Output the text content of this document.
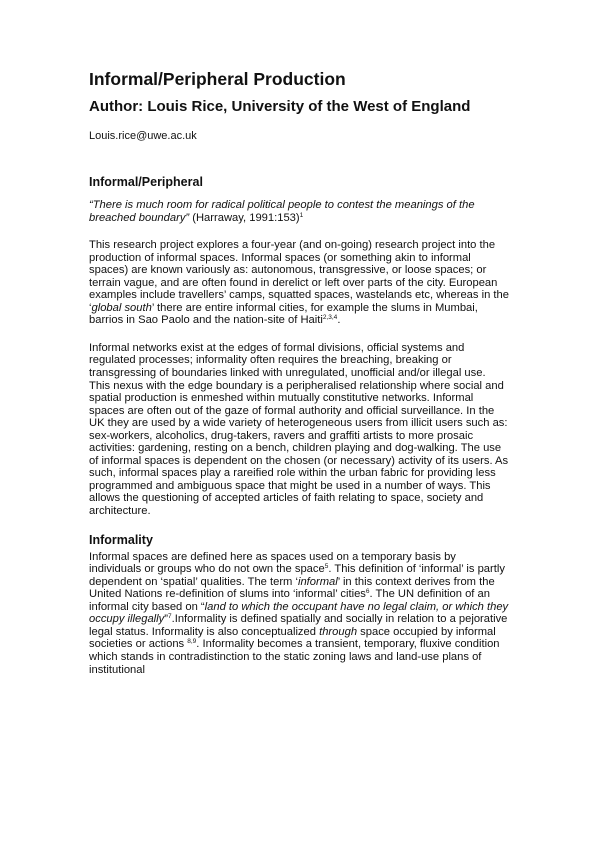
Informal/Peripheral Production
Author: Louis Rice, University of the West of England

Louis.rice@uwe.ac.uk

Informal/Peripheral

“There is much room for radical political people to contest the meanings of the breached boundary” (Harraway, 1991:153)$^1$

This research project explores a four-year (and on-going) research project into the production of informal spaces. Informal spaces (or something akin to informal spaces) are known variously as: autonomous, transgressive, or loose spaces; or terrain vague, and are often found in derelict or left over parts of the city. European examples include travellers’ camps, squatted spaces, wastelands etc, whereas in the ‘global south’ there are entire informal cities, for example the slums in Mumbai, barrios in Sao Paolo and the nation-site of Haiti$^{2,3,4}$.

Informal networks exist at the edges of formal divisions, official systems and regulated processes; informality often requires the breaching, breaking or transgressing of boundaries linked with unregulated, unofficial and/or illegal use. This nexus with the edge boundary is a peripheralised relationship where social and spatial production is enmeshed within mutually constitutive networks. Informal spaces are often out of the gaze of formal authority and official surveillance. In the UK they are used by a wide variety of heterogeneous users from illicit users such as: sex-workers, alcoholics, drug-takers, ravers and graffiti artists to more prosaic activities: gardening, resting on a bench, children playing and dog-walking. The use of informal spaces is dependent on the chosen (or necessary) activity of its users. As such, informal spaces play a rareified role within the urban fabric for providing less programmed and ambiguous space that might be used in a number of ways. This allows the questioning of accepted articles of faith relating to space, society and architecture.

Informality

Informal spaces are defined here as spaces used on a temporary basis by individuals or groups who do not own the space$^5$. This definition of ‘informal’ is partly dependent on ‘spatial’ qualities. The term ‘informal’ in this context derives from the United Nations re-definition of slums into ‘informal’ cities$^6$. The UN definition of an informal city based on “land to which the occupant have no legal claim, or which they occupy illegally”$^7$.Informality is defined spatially and socially in relation to a pejorative legal status. Informality is also conceptualized through space occupied by informal societies or actions $^{8,9}$. Informality becomes a transient, temporary, fluxive condition which stands in contradistinction to the static zoning laws and land-use plans of institutional
